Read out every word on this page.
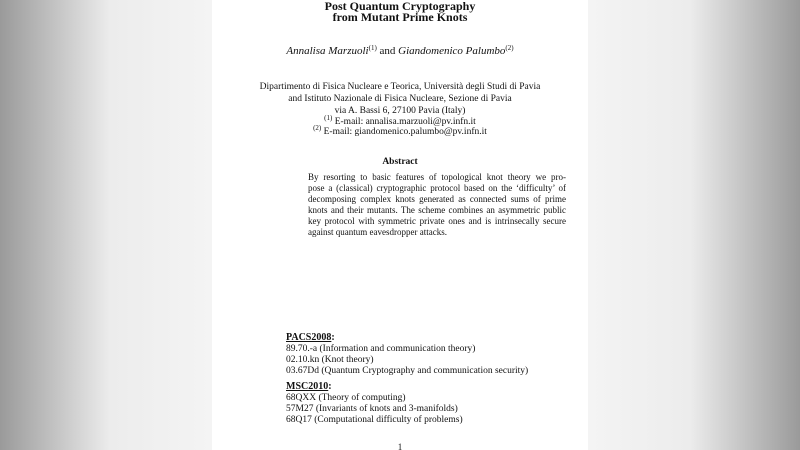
Post Quantum Cryptography
from Mutant Prime Knots
Annalisa Marzuoli$^{(1)}$ and Giandomenico Palumbo$^{(2)}$
Dipartimento di Fisica Nucleare e Teorica, Università degli Studi di Pavia
and Istituto Nazionale di Fisica Nucleare, Sezione di Pavia
via A. Bassi 6, 27100 Pavia (Italy)
$^{(1)}$ E-mail: annalisa.marzuoli@pv.infn.it
$^{(2)}$ E-mail: giandomenico.palumbo@pv.infn.it
Abstract
By resorting to basic features of topological knot theory we pro-
pose a (classical) cryptographic protocol based on the ‘difficulty’ of
decomposing complex knots generated as connected sums of prime
knots and their mutants. The scheme combines an asymmetric public
key protocol with symmetric private ones and is intrinsecally secure
against quantum eavesdropper attacks.
PACS2008:
89.70.-a (Information and communication theory)
02.10.kn (Knot theory)
03.67Dd (Quantum Cryptography and communication security)
MSC2010:
68QXX (Theory of computing)
57M27 (Invariants of knots and 3-manifolds)
68Q17 (Computational difficulty of problems)
1
